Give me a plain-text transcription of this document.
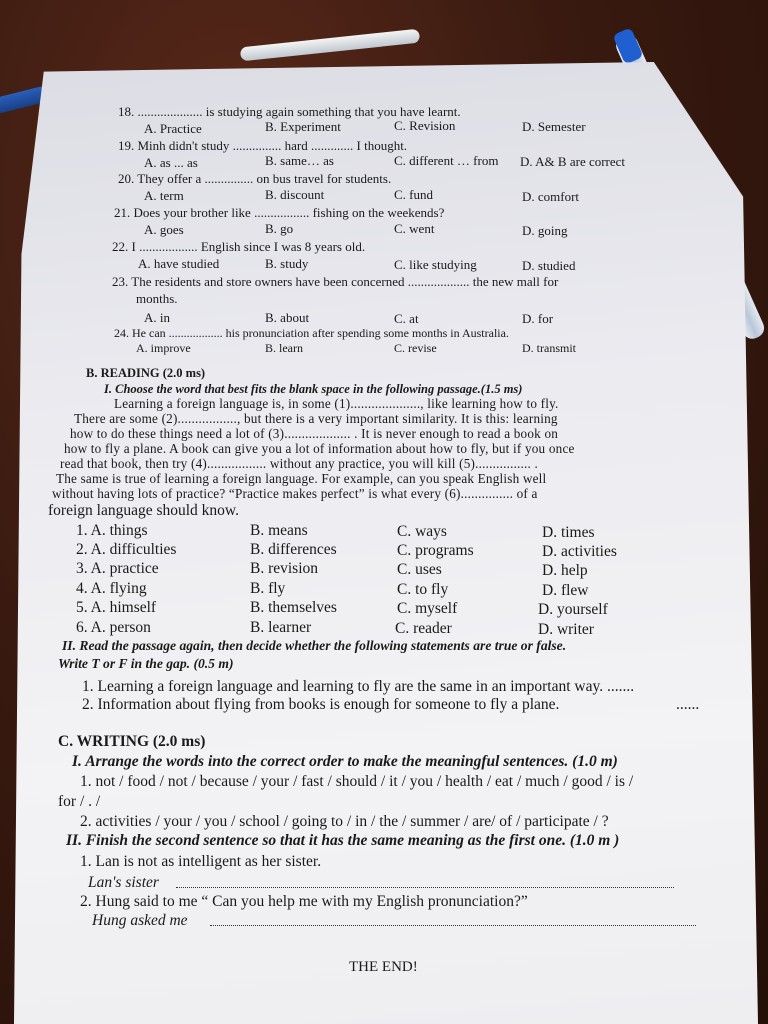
18. .................... is studying again something that you have learnt.
A. Practice	B. Experiment	C. Revision	D. Semester
19. Minh didn't study ............... hard ............. I thought.
A. as ... as	B. same… as	C. different … from D. A& B are correct
20. They offer a ............... on bus travel for students.
A. term	B. discount	C. fund	D. comfort
21. Does your brother like ................. fishing on the weekends?
A. goes	B. go	C. went	D. going
22. I .................. English since I was 8 years old.
A. have studied	B. study	C. like studying	D. studied
23. The residents and store owners have been concerned ................... the new mall for
months.
A. in	B. about	C. at	D. for
24. He can .................. his pronunciation after spending some months in Australia.
A. improve	B. learn	C. revise	D. transmit
B. READING (2.0 ms)
I. Choose the word that best fits the blank space in the following passage.(1.5 ms)
Learning a foreign language is, in some (1)...................., like learning how to fly.
There are some (2)................., but there is a very important similarity. It is this: learning
how to do these things need a lot of (3)................... . It is never enough to read a book on
how to fly a plane. A book can give you a lot of information about how to fly, but if you once
read that book, then try (4)................. without any practice, you will kill (5)................ .
The same is true of learning a foreign language. For example, can you speak English well
without having lots of practice? “Practice makes perfect” is what every (6)............... of a
foreign language should know.
1. A. things	B. means	C. ways	D. times
2. A. difficulties	B. differences	C. programs	D. activities
3. A. practice	B. revision	C. uses	D. help
4. A. flying	B. fly	C. to fly	D. flew
5. A. himself	B. themselves	C. myself	D. yourself
6. A. person	B. learner	C. reader	D. writer
II. Read the passage again, then decide whether the following statements are true or false.
Write T or F in the gap. (0.5 m)
1. Learning a foreign language and learning to fly are the same in an important way. .......
2. Information about flying from books is enough for someone to fly a plane.	......
C. WRITING (2.0 ms)
I. Arrange the words into the correct order to make the meaningful sentences. (1.0 m)
1. not / food / not / because / your / fast / should / it / you / health / eat / much / good / is /
for / . /
2. activities / your / you / school / going to / in / the / summer / are/ of / participate / ?
II. Finish the second sentence so that it has the same meaning as the first one. (1.0 m )
1. Lan is not as intelligent as her sister.
Lan's sister
2. Hung said to me “ Can you help me with my English pronunciation?”
Hung asked me
THE END!
